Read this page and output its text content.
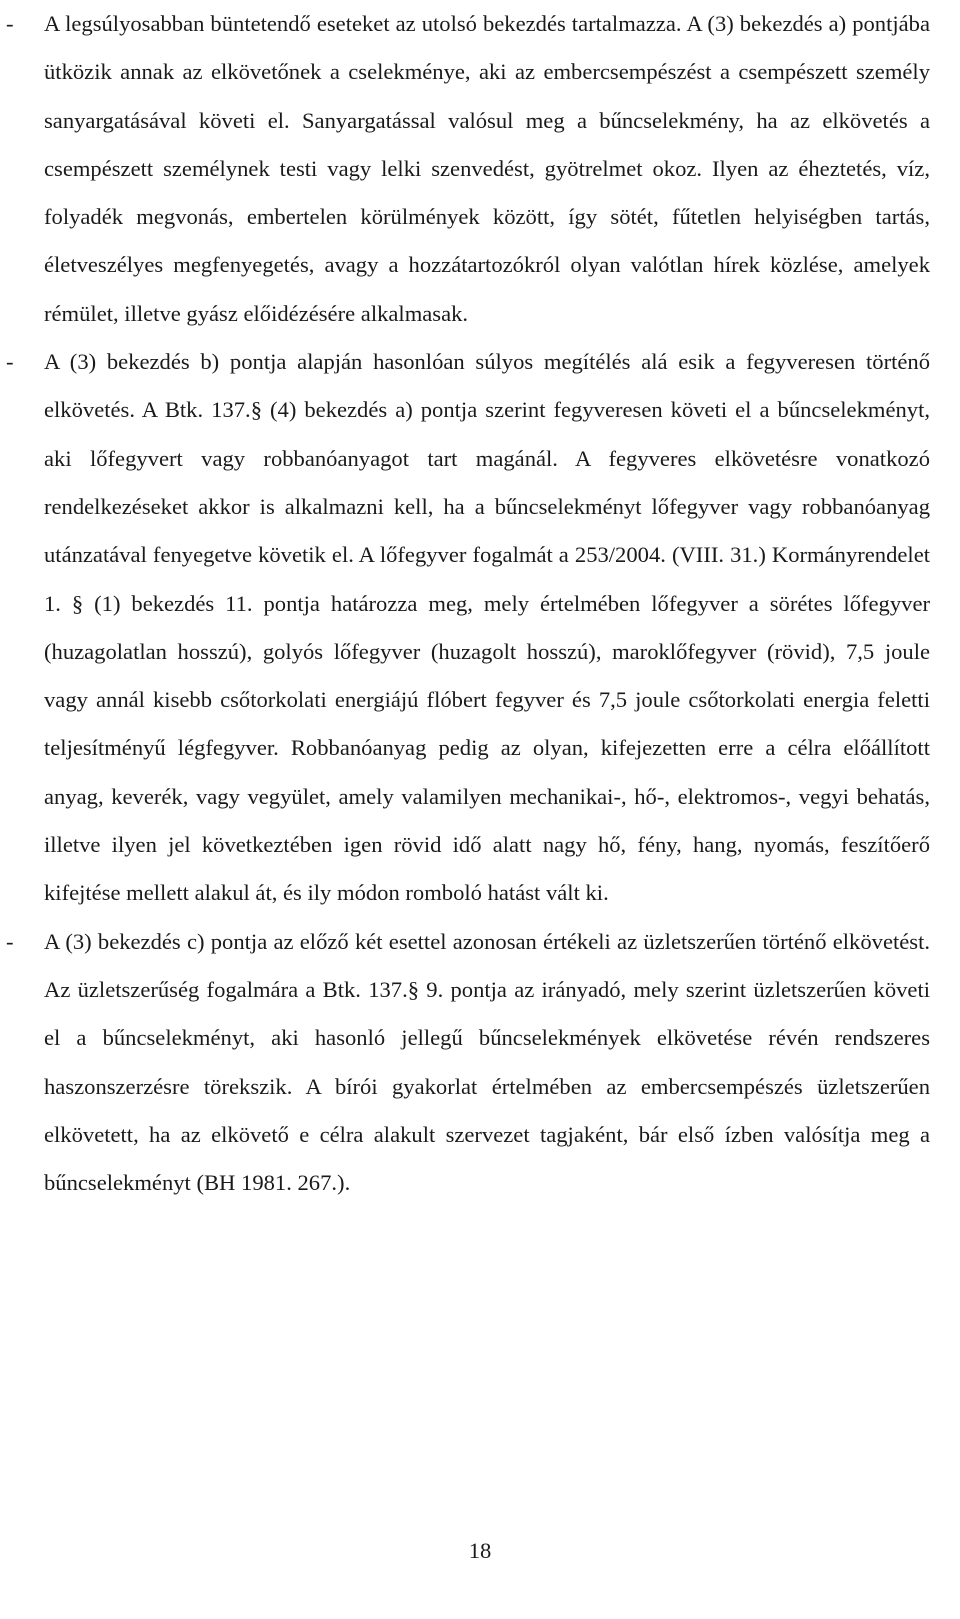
-	A legsúlyosabban büntetendő eseteket az utolsó bekezdés tartalmazza. A (3) bekezdés a) pontjába ütközik annak az elkövetőnek a cselekménye, aki az embercsempészést a csempészett személy sanyargatásával követi el. Sanyargatással valósul meg a bűncselekmény, ha az elkövetés a csempészett személynek testi vagy lelki szenvedést, gyötrelmet okoz. Ilyen az éheztetés, víz, folyadék megvonás, embertelen körülmények között, így sötét, fűtetlen helyiségben tartás, életveszélyes megfenyegetés, avagy a hozzátartozókról olyan valótlan hírek közlése, amelyek rémület, illetve gyász előidézésére alkalmasak.
-	A (3) bekezdés b) pontja alapján hasonlóan súlyos megítélés alá esik a fegyveresen történő elkövetés. A Btk. 137.§ (4) bekezdés a) pontja szerint fegyveresen követi el a bűncselekményt, aki lőfegyvert vagy robbanóanyagot tart magánál. A fegyveres elkövetésre vonatkozó rendelkezéseket akkor is alkalmazni kell, ha a bűncselekményt lőfegyver vagy robbanóanyag utánzatával fenyegetve követik el. A lőfegyver fogalmát a 253/2004. (VIII. 31.) Kormányrendelet 1. § (1) bekezdés 11. pontja határozza meg, mely értelmében lőfegyver a sörétes lőfegyver (huzagolatlan hosszú), golyós lőfegyver (huzagolt hosszú), maroklőfegyver (rövid), 7,5 joule vagy annál kisebb csőtorkolati energiájú flóbert fegyver és 7,5 joule csőtorkolati energia feletti teljesítményű légfegyver. Robbanóanyag pedig az olyan, kifejezetten erre a célra előállított anyag, keverék, vagy vegyület, amely valamilyen mechanikai-, hő-, elektromos-, vegyi behatás, illetve ilyen jel következtében igen rövid idő alatt nagy hő, fény, hang, nyomás, feszítőerő kifejtése mellett alakul át, és ily módon romboló hatást vált ki.
-	A (3) bekezdés c) pontja az előző két esettel azonosan értékeli az üzletszerűen történő elkövetést. Az üzletszerűség fogalmára a Btk. 137.§ 9. pontja az irányadó, mely szerint üzletszerűen követi el a bűncselekményt, aki hasonló jellegű bűncselekmények elkövetése révén rendszeres haszonszerzésre törekszik. A bírói gyakorlat értelmében az embercsempészés üzletszerűen elkövetett, ha az elkövető e célra alakult szervezet tagjaként, bár első ízben valósítja meg a bűncselekményt (BH 1981. 267.).
18
